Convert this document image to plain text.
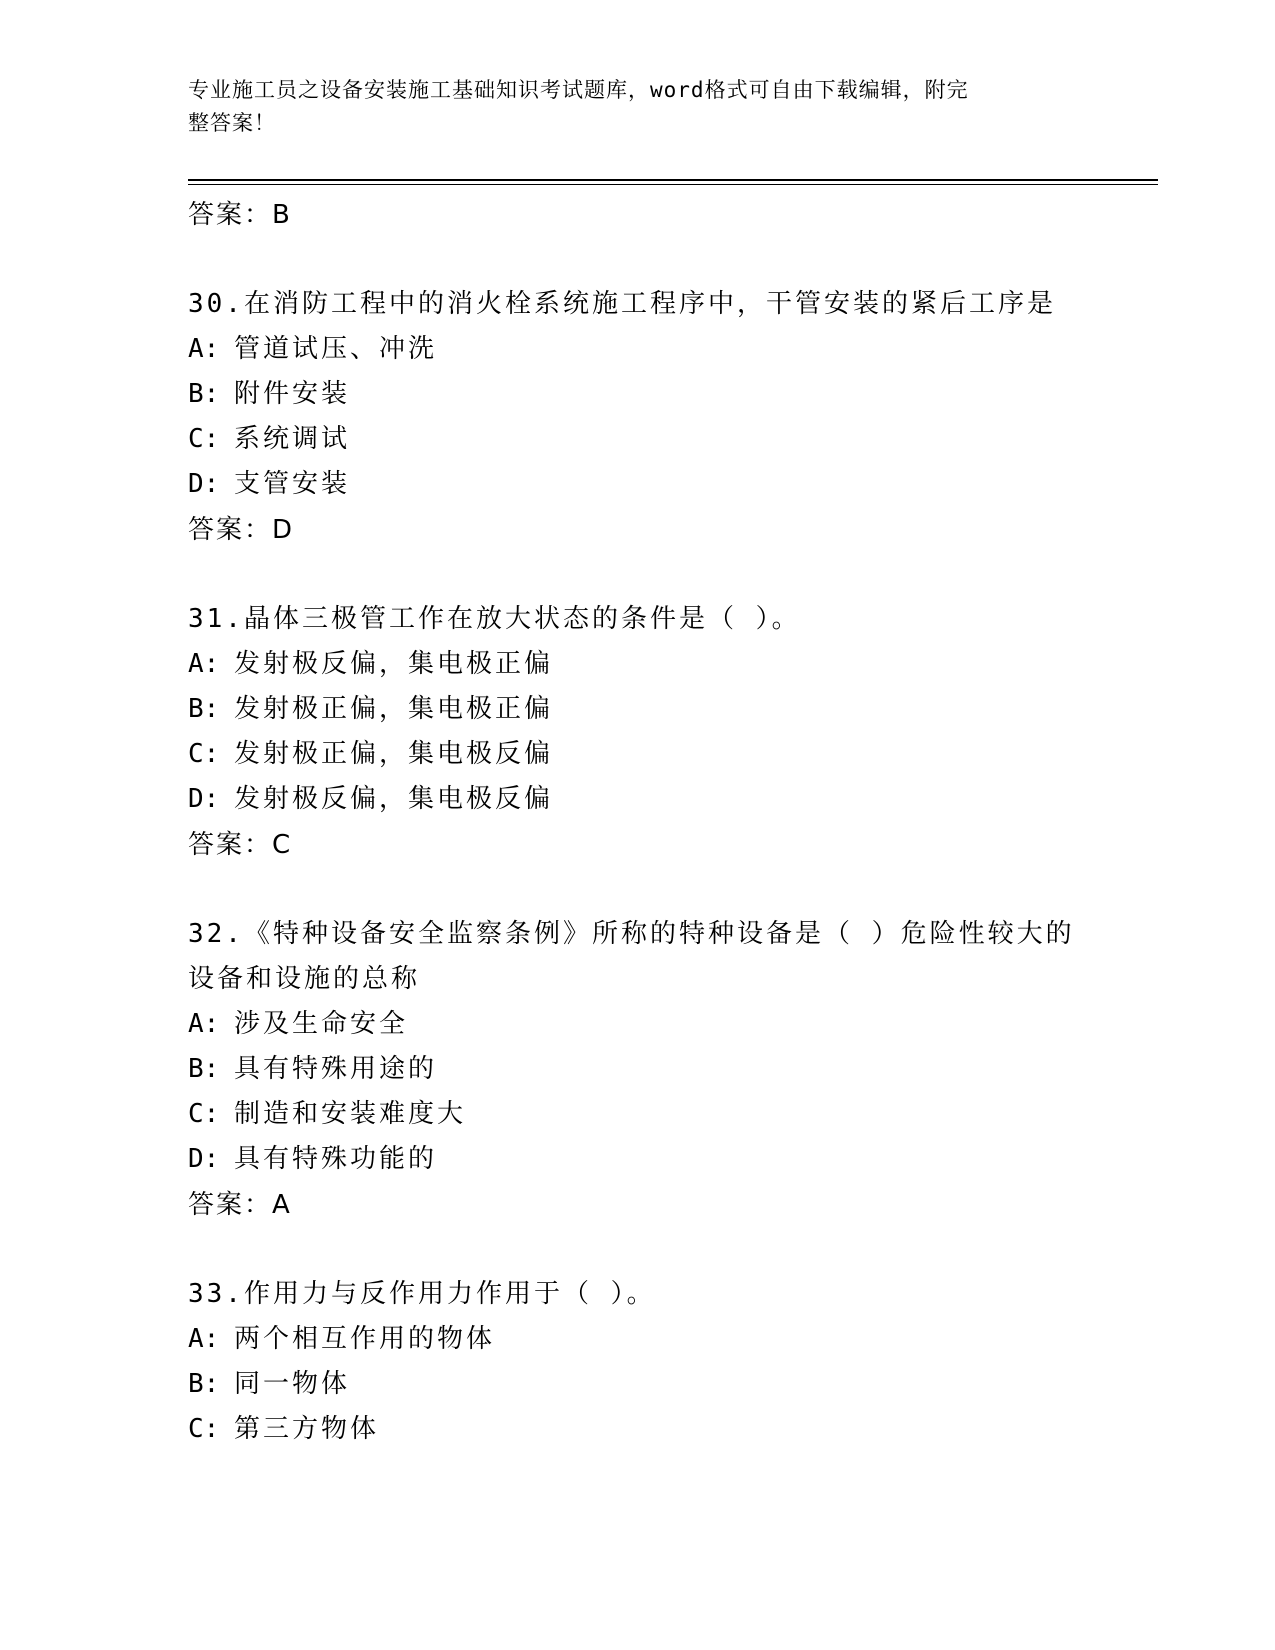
专业施工员之设备安装施工基础知识考试题库，word格式可自由下载编辑，附完
整答案！
答案：B
30.在消防工程中的消火栓系统施工程序中，干管安装的紧后工序是
A: 管道试压、冲洗
B: 附件安装
C: 系统调试
D: 支管安装
答案：D
31.晶体三极管工作在放大状态的条件是（ ）。
A: 发射极反偏，集电极正偏
B: 发射极正偏，集电极正偏
C: 发射极正偏，集电极反偏
D: 发射极反偏，集电极反偏
答案：C
32.《特种设备安全监察条例》所称的特种设备是（ ）危险性较大的
设备和设施的总称
A: 涉及生命安全
B: 具有特殊用途的
C: 制造和安装难度大
D: 具有特殊功能的
答案：A
33.作用力与反作用力作用于（ ）。
A: 两个相互作用的物体
B: 同一物体
C: 第三方物体
